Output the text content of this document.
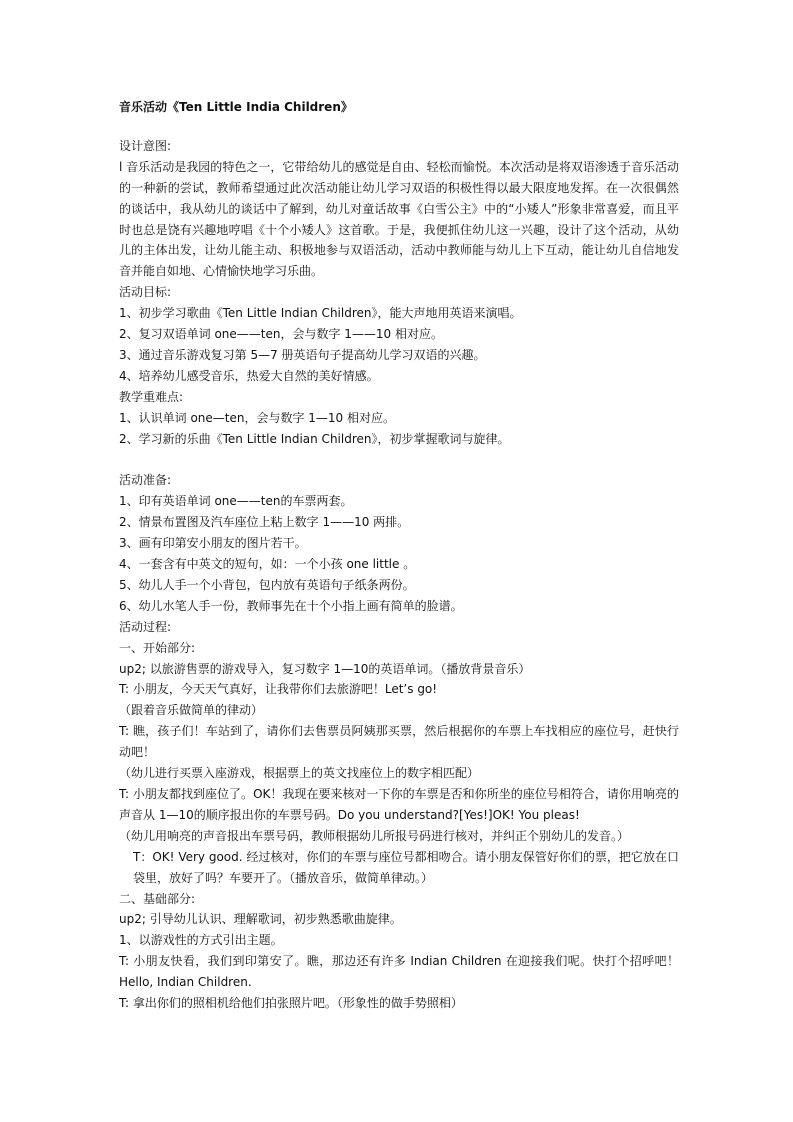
音乐活动《Ten Little India Children》
设计意图:
l 音乐活动是我园的特色之一，它带给幼儿的感觉是自由、轻松而愉悦。本次活动是将双语渗透于音乐活动的一种新的尝试，教师希望通过此次活动能让幼儿学习双语的积极性得以最大限度地发挥。在一次很偶然的谈话中，我从幼儿的谈话中了解到，幼儿对童话故事《白雪公主》中的“小矮人”形象非常喜爱，而且平时也总是饶有兴趣地哼唱《十个小矮人》这首歌。于是，我便抓住幼儿这一兴趣，设计了这个活动，从幼儿的主体出发，让幼儿能主动、积极地参与双语活动，活动中教师能与幼儿上下互动，能让幼儿自信地发音并能自如地、心情愉快地学习乐曲。
活动目标:
1、初步学习歌曲《Ten Little Indian Children》，能大声地用英语来演唱。
2、复习双语单词 one——ten，会与数字 1——10 相对应。
3、通过音乐游戏复习第 5—7 册英语句子提高幼儿学习双语的兴趣。
4、培养幼儿感受音乐，热爱大自然的美好情感。
教学重难点:
1、认识单词 one—ten，会与数字 1—10 相对应。
2、学习新的乐曲《Ten Little Indian Children》，初步掌握歌词与旋律。
活动准备:
1、印有英语单词 one——ten的车票两套。
2、情景布置图及汽车座位上粘上数字 1——10 两排。
3、画有印第安小朋友的图片若干。
4、一套含有中英文的短句，如：一个小孩 one little 。
5、幼儿人手一个小背包，包内放有英语句子纸条两份。
6、幼儿水笔人手一份，教师事先在十个小指上画有简单的脸谱。
活动过程:
一、开始部分:
up2; 以旅游售票的游戏导入，复习数字 1—10的英语单词。（播放背景音乐）
T: 小朋友，今天天气真好，让我带你们去旅游吧！Let’s go!
（跟着音乐做简单的律动）
T: 瞧，孩子们！车站到了，请你们去售票员阿姨那买票，然后根据你的车票上车找相应的座位号，赶快行动吧！
（幼儿进行买票入座游戏，根据票上的英文找座位上的数字相匹配）
T: 小朋友都找到座位了。OK！我现在要来核对一下你的车票是否和你所坐的座位号相符合，请你用响亮的声音从 1—10的顺序报出你的车票号码。Do you understand?[Yes!]OK! You pleas!
（幼儿用响亮的声音报出车票号码，教师根据幼儿所报号码进行核对，并纠正个别幼儿的发音。）
T：OK! Very good. 经过核对，你们的车票与座位号都相吻合。请小朋友保管好你们的票，把它放在口袋里，放好了吗？车要开了。（播放音乐，做简单律动。）
二、基础部分:
up2; 引导幼儿认识、理解歌词，初步熟悉歌曲旋律。
1、以游戏性的方式引出主题。
T: 小朋友快看，我们到印第安了。瞧，那边还有许多 Indian Children 在迎接我们呢。快打个招呼吧！Hello, Indian Children.
T: 拿出你们的照相机给他们拍张照片吧。（形象性的做手势照相）
